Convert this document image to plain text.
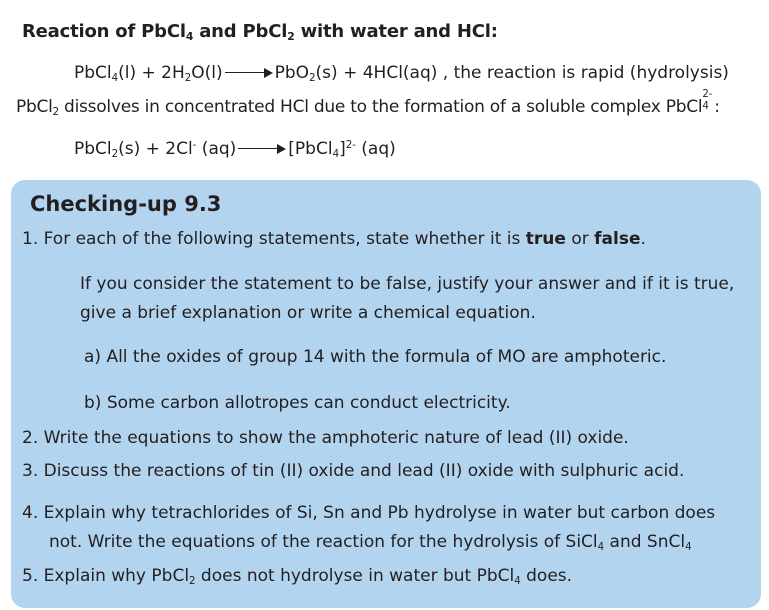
Reaction of PbCl$_4$ and PbCl$_2$ with water and HCl:
PbCl$_4$(l) + $2H_2O(l)$	PbO$_2$(s) + 4HCl(aq) , the reaction is rapid (hydrolysis)
PbCl$_2$ dissolves in concentrated HCl due to the formation of a soluble complex PbCl
2-
4 :
PbCl$_2$(s) + 2Cl- (aq)	[PbCl$_4$]$^{2-}$ (aq)
Checking-up 9.3
1. For each of the following statements, state whether it is true or false.
If you consider the statement to be false, justify your answer and if it is true,
give a brief explanation or write a chemical equation.
a) All the oxides of group 14 with the formula of MO are amphoteric.
b) Some carbon allotropes can conduct electricity.
2. Write the equations to show the amphoteric nature of lead (II) oxide.
3. Discuss the reactions of tin (II) oxide and lead (II) oxide with sulphuric acid.
4. Explain why tetrachlorides of Si, Sn and Pb hydrolyse in water but carbon does
not. Write the equations of the reaction for the hydrolysis of SiCl$_4$ and SnCl$_4$
5. Explain why PbCl$_2$ does not hydrolyse in water but PbCl$_4$ does.
